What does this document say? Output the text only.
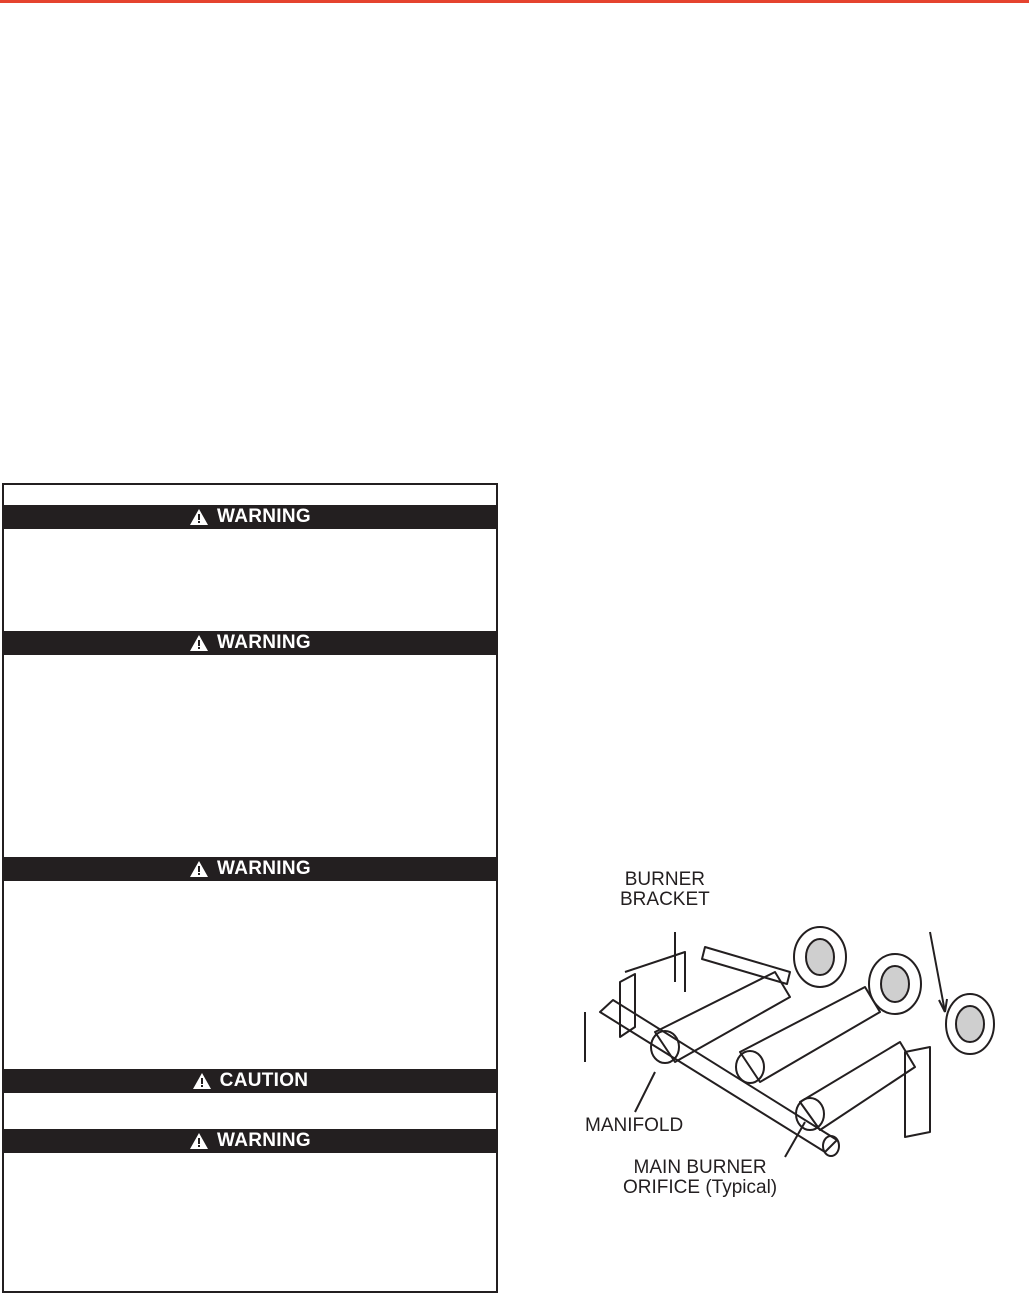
WARNING
WARNING
WARNING
CAUTION
WARNING
BURNER
BRACKET
MANIFOLD
MAIN BURNER
ORIFICE (Typical)
